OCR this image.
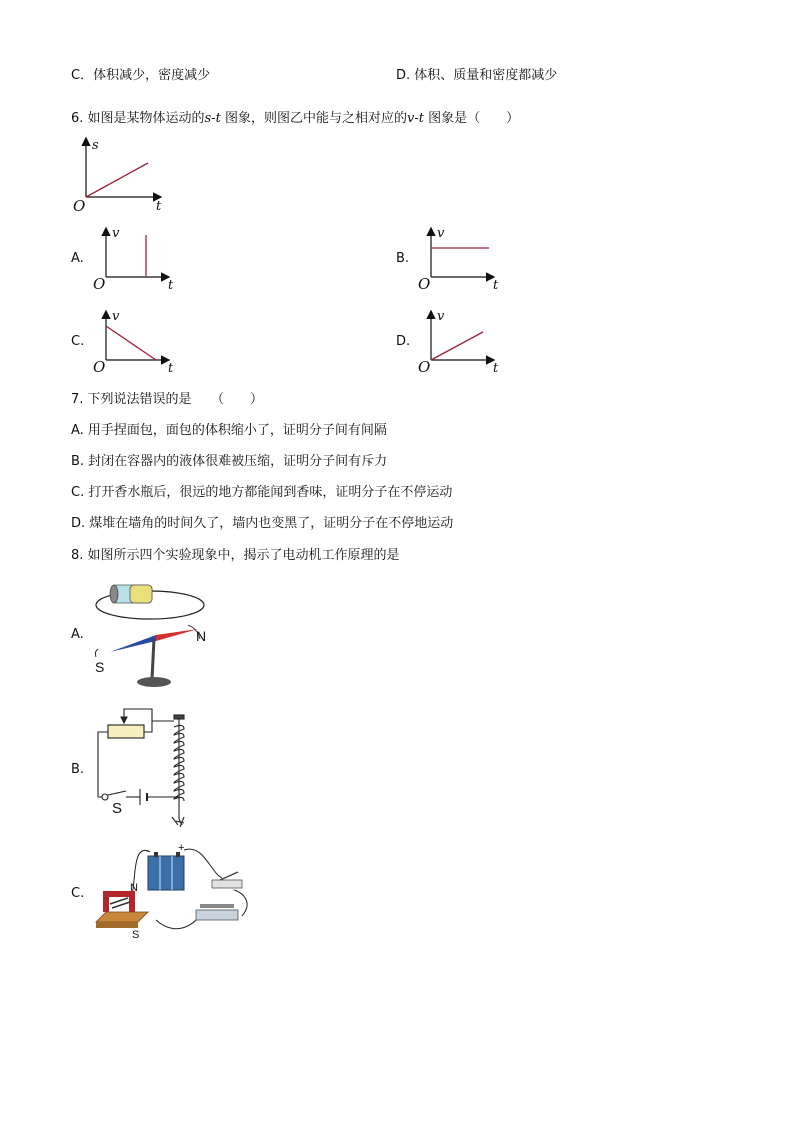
C．体积减少，密度减少	D. 体积、质量和密度都减少
6. 如图是某物体运动的s-t 图象，则图乙中能与之相对应的v-t 图象是（　　）
s
t
O
A.
v
t
O
B.
v
t
O
C.
v
t
O
D.
v
t
O
7. 下列说法错误的是　　（　　）
A. 用手捏面包，面包的体积缩小了，证明分子间有间隔
B. 封闭在容器内的液体很难被压缩，证明分子间有斥力
C. 打开香水瓶后，很远的地方都能闻到香味，证明分子在不停运动
D. 煤堆在墙角的时间久了，墙内也变黑了，证明分子在不停地运动
8. 如图所示四个实验现象中，揭示了电动机工作原理的是
A.	N
S
B.
S
C.
-	+
N
S
